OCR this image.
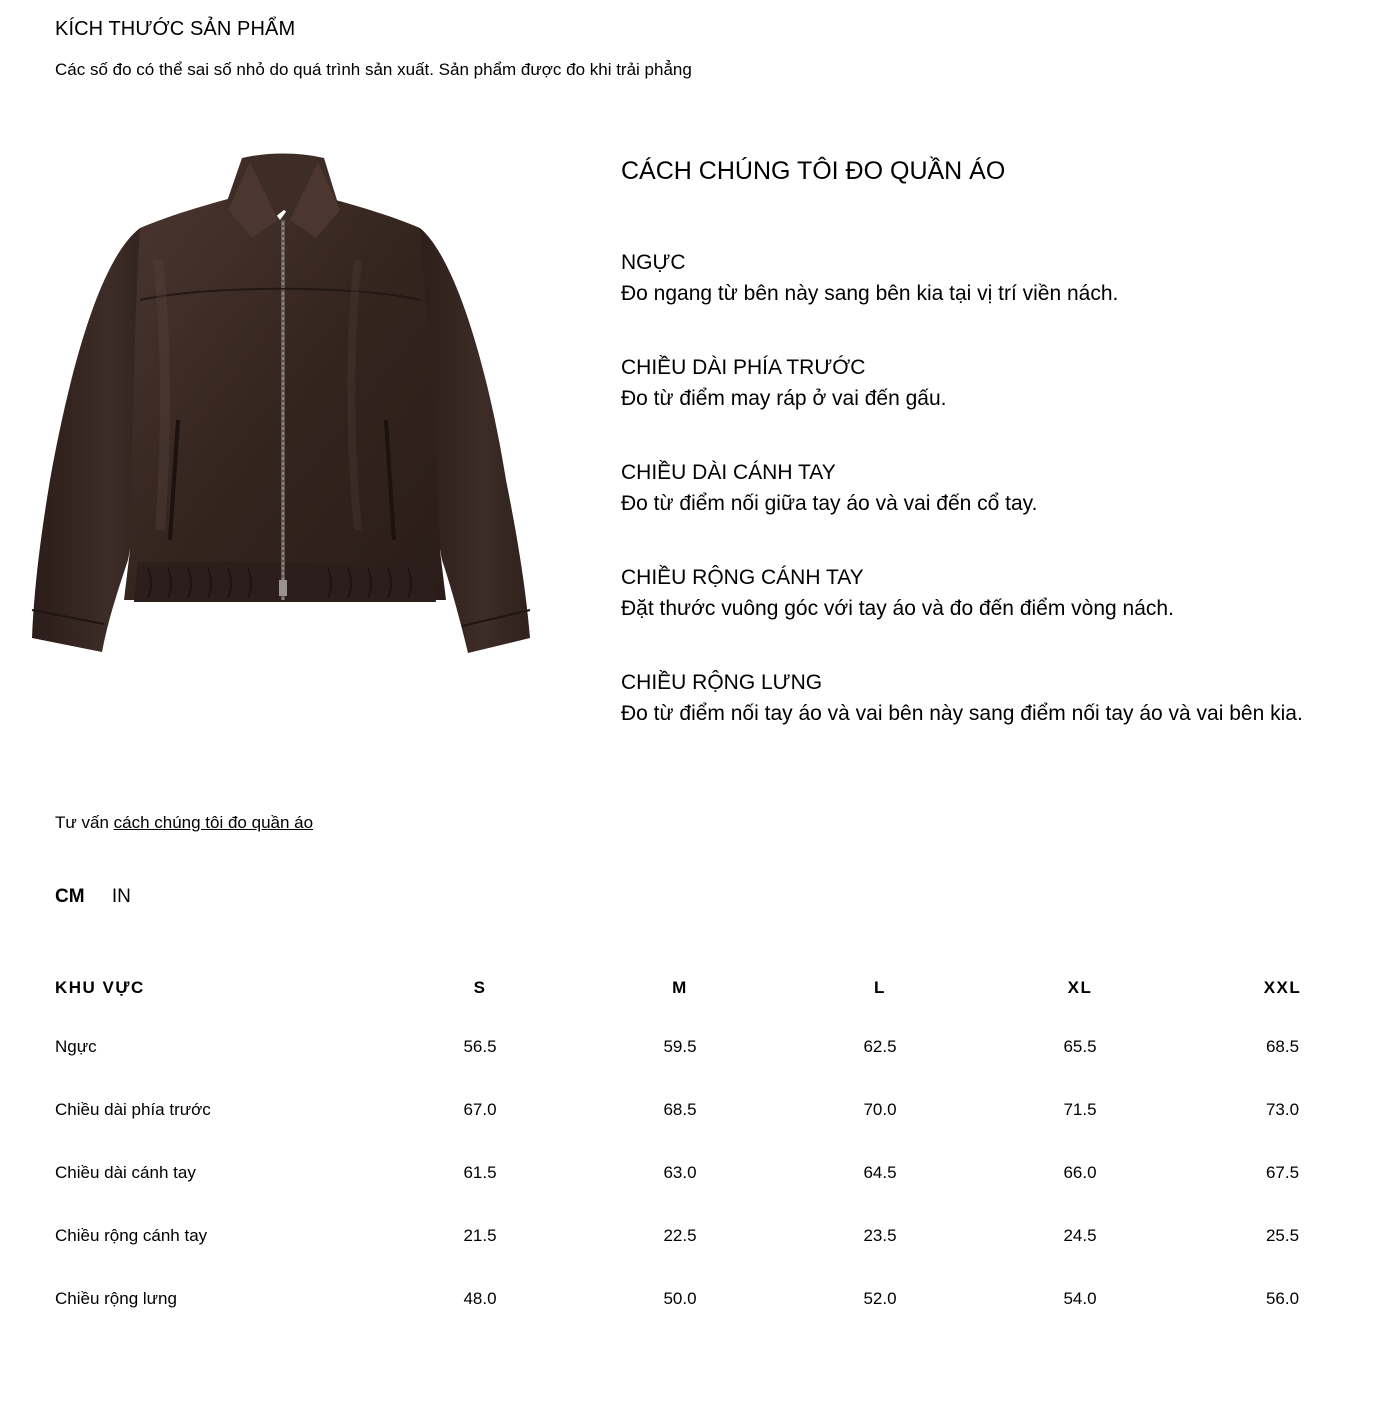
KÍCH THƯỚC SẢN PHẨM
Các số đo có thể sai số nhỏ do quá trình sản xuất. Sản phẩm được đo khi trải phẳng
CÁCH CHÚNG TÔI ĐO QUẦN ÁO
NGỰC
Đo ngang từ bên này sang bên kia tại vị trí viền nách.
CHIỀU DÀI PHÍA TRƯỚC
Đo từ điểm may ráp ở vai đến gấu.
CHIỀU DÀI CÁNH TAY
Đo từ điểm nối giữa tay áo và vai đến cổ tay.
CHIỀU RỘNG CÁNH TAY
Đặt thước vuông góc với tay áo và đo đến điểm vòng nách.
CHIỀU RỘNG LƯNG
Đo từ điểm nối tay áo và vai bên này sang điểm nối tay áo và vai bên kia.
Tư vấn cách chúng tôi đo quần áo
CM IN
KHU VỰC	S	M	L	XL	XXL
Ngực	56.5	59.5	62.5	65.5	68.5
Chiều dài phía trước	67.0	68.5	70.0	71.5	73.0
Chiều dài cánh tay	61.5	63.0	64.5	66.0	67.5
Chiều rộng cánh tay	21.5	22.5	23.5	24.5	25.5
Chiều rộng lưng	48.0	50.0	52.0	54.0	56.0
